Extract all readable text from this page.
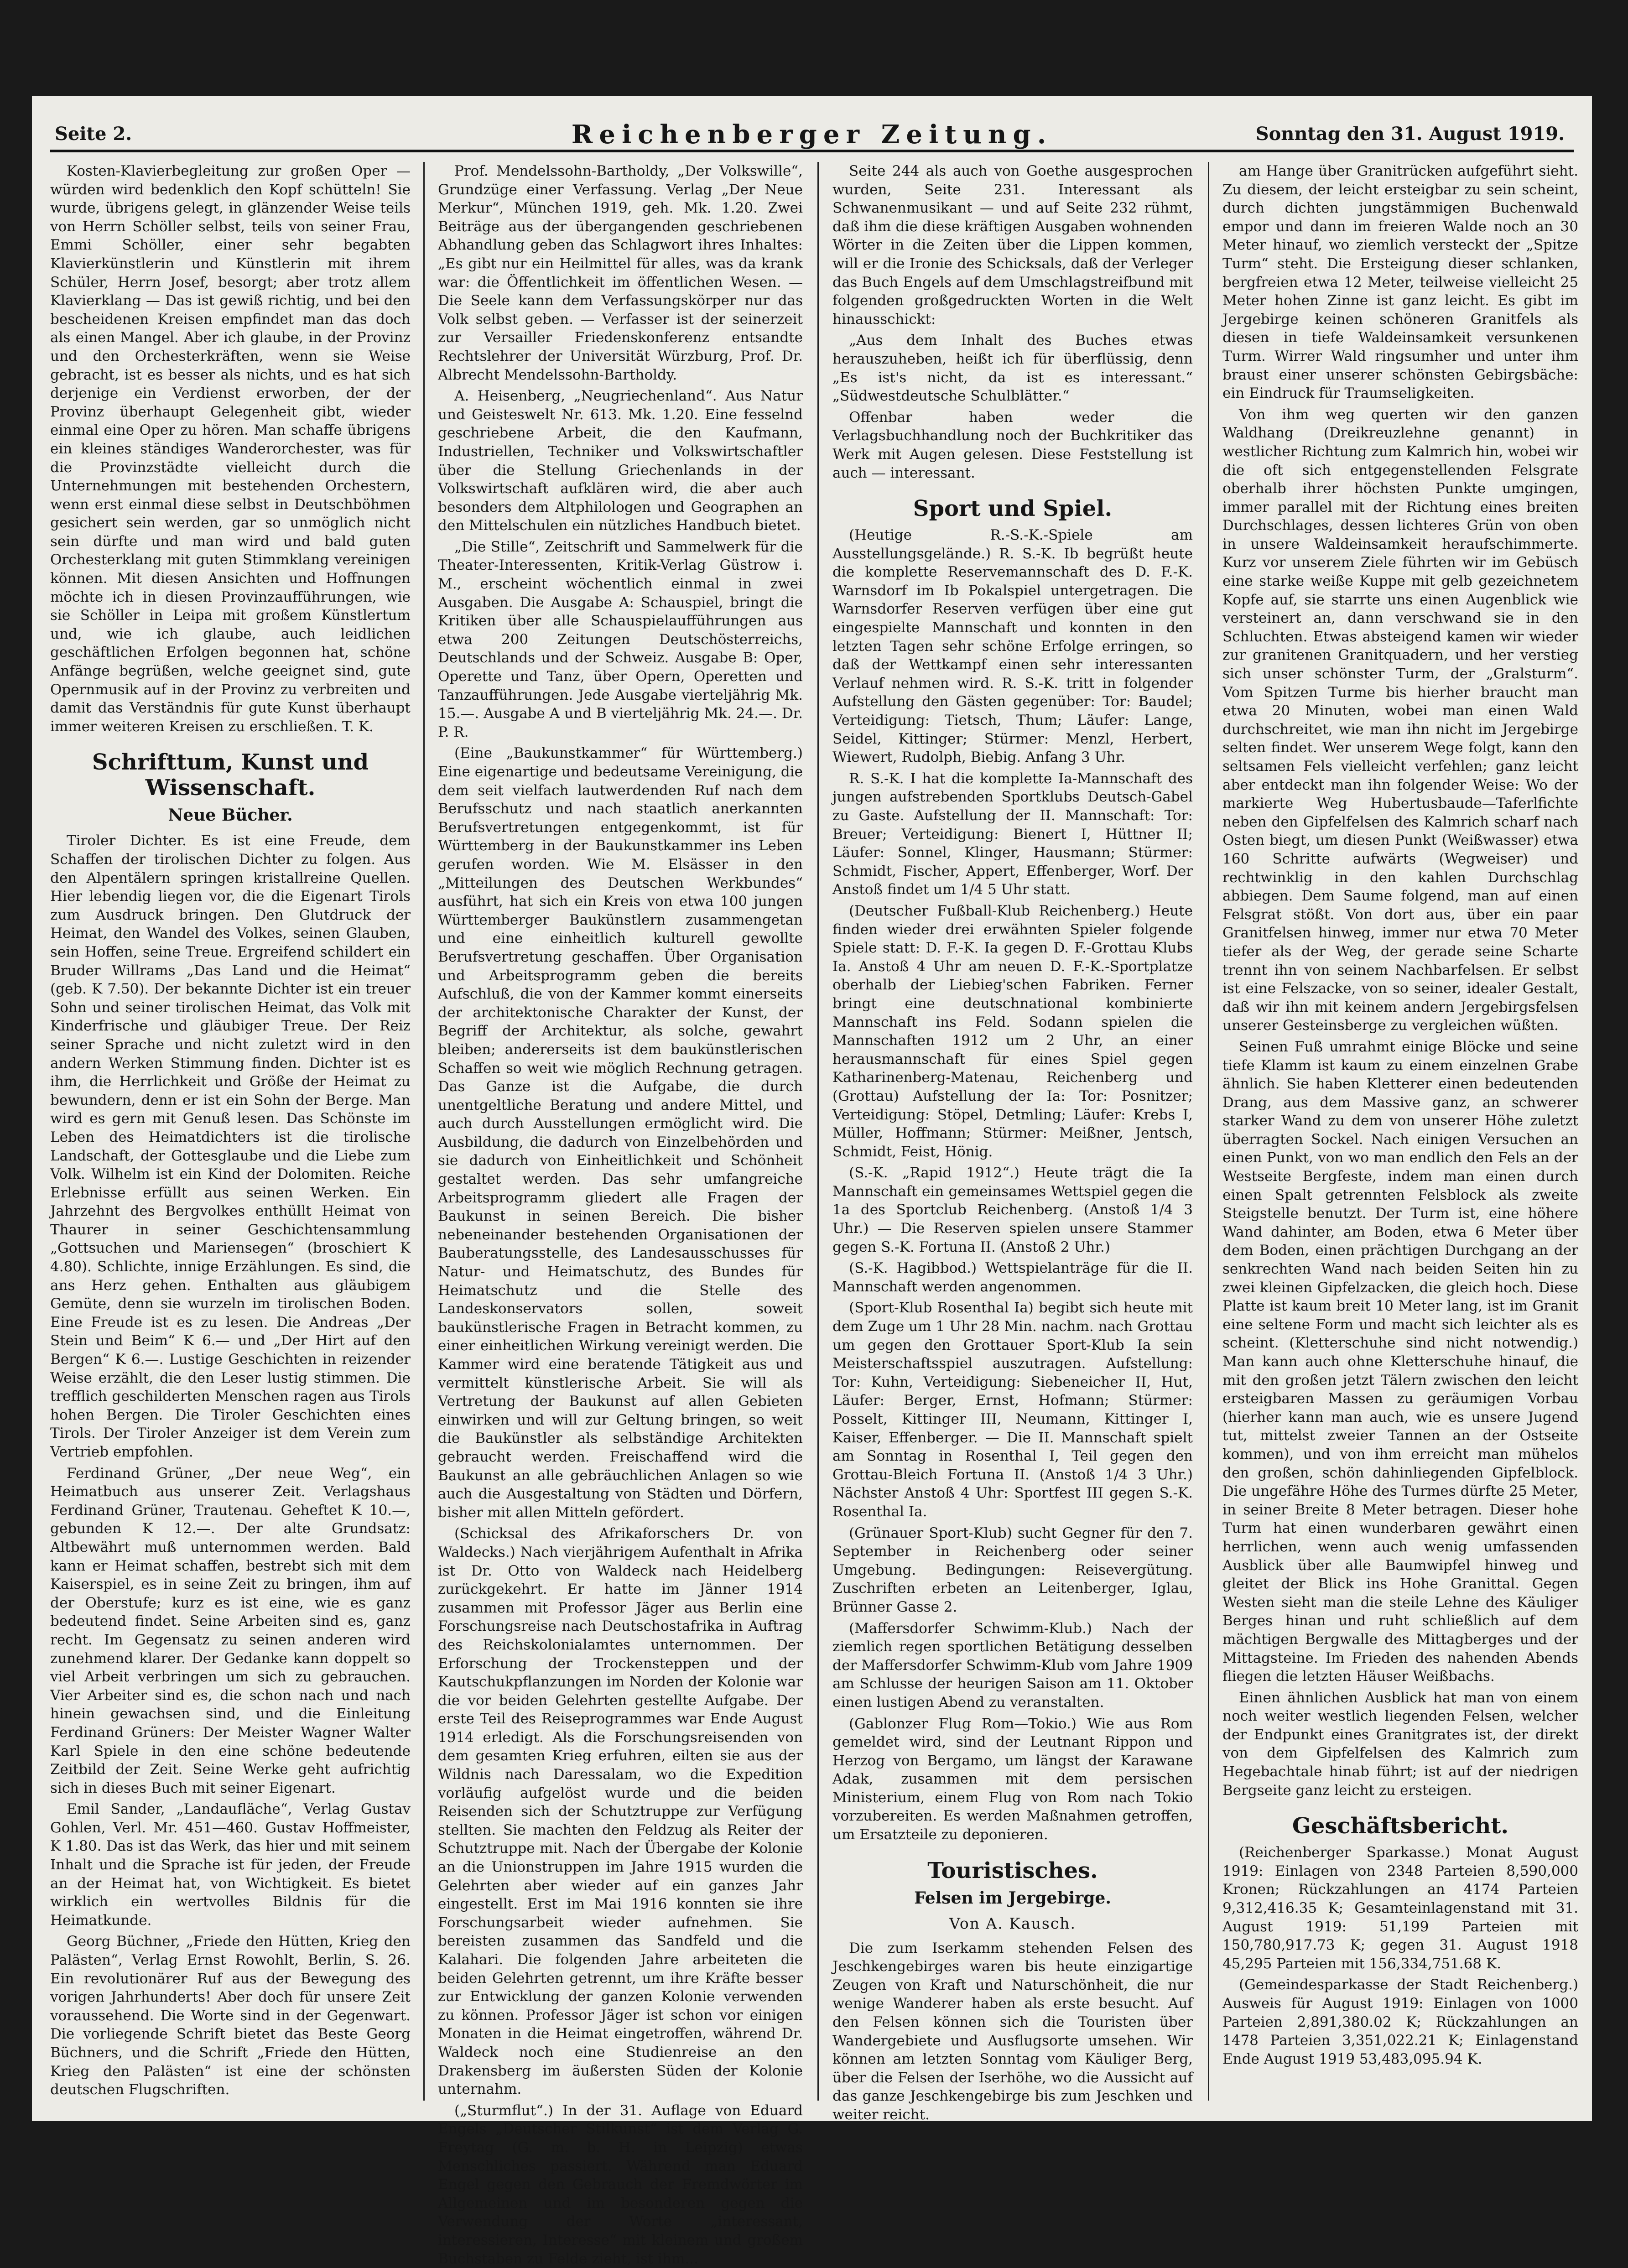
Seite 2.	Reichenberger Zeitung.	Sonntag den 31. August 1919.

Kosten-Klavierbegleitung zur großen Oper — würden wird bedenklich den Kopf schütteln! Sie wurde, übrigens gelegt, in glänzender Weise teils von Herrn Schöller selbst, teils von seiner Frau, Emmi Schöller, einer sehr begabten Klavierkünstlerin und Künstlerin mit ihrem Schüler, Herrn Josef, besorgt; aber trotz allem Klavierklang — Das ist gewiß richtig, und bei den bescheidenen Kreisen empfindet man das doch als einen Mangel. Aber ich glaube, in der Provinz und den Orchesterkräften, wenn sie Weise gebracht, ist es besser als nichts, und es hat sich derjenige ein Verdienst erworben, der der Provinz überhaupt Gelegenheit gibt, wieder einmal eine Oper zu hören. Man schaffe übrigens ein kleines ständiges Wanderorchester, was für die Provinzstädte vielleicht durch die Unternehmungen mit bestehenden Orchestern, wenn erst einmal diese selbst in Deutschböhmen gesichert sein werden, gar so unmöglich nicht sein dürfte und man wird und bald guten Orchesterklang mit guten Stimmklang vereinigen können. Mit diesen Ansichten und Hoffnungen möchte ich in diesen Provinzaufführungen, wie sie Schöller in Leipa mit großem Künstlertum und, wie ich glaube, auch leidlichen geschäftlichen Erfolgen begonnen hat, schöne Anfänge begrüßen, welche geeignet sind, gute Opernmusik auf in der Provinz zu verbreiten und damit das Verständnis für gute Kunst überhaupt immer weiteren Kreisen zu erschließen. T. K.

Schrifttum, Kunst und Wissenschaft.
Neue Bücher.

Tiroler Dichter. Es ist eine Freude, dem Schaffen der tirolischen Dichter zu folgen. Aus den Alpentälern springen kristallreine Quellen. Hier lebendig liegen vor, die die Eigenart Tirols zum Ausdruck bringen. Den Glutdruck der Heimat, den Wandel des Volkes, seinen Glauben, sein Hoffen, seine Treue. Ergreifend schildert ein Bruder Willrams „Das Land und die Heimat“ (geb. K 7.50). Der bekannte Dichter ist ein treuer Sohn und seiner tirolischen Heimat, das Volk mit Kinderfrische und gläubiger Treue. Der Reiz seiner Sprache und nicht zuletzt wird in den andern Werken Stimmung finden. Dichter ist es ihm, die Herrlichkeit und Größe der Heimat zu bewundern, denn er ist ein Sohn der Berge. Man wird es gern mit Genuß lesen. Das Schönste im Leben des Heimatdichters ist die tirolische Landschaft, der Gottesglaube und die Liebe zum Volk. Wilhelm ist ein Kind der Dolomiten. Reiche Erlebnisse erfüllt aus seinen Werken. Ein Jahrzehnt des Bergvolkes enthüllt Heimat von Thaurer in seiner Geschichtensammlung „Gottsuchen und Mariensegen“ (broschiert K 4.80). Schlichte, innige Erzählungen. Es sind, die ans Herz gehen. Enthalten aus gläubigem Gemüte, denn sie wurzeln im tirolischen Boden. Eine Freude ist es zu lesen. Die Andreas „Der Stein und Beim“ K 6.— und „Der Hirt auf den Bergen“ K 6.—. Lustige Geschichten in reizender Weise erzählt, die den Leser lustig stimmen. Die trefflich geschilderten Menschen ragen aus Tirols hohen Bergen. Die Tiroler Geschichten eines Tirols. Der Tiroler Anzeiger ist dem Verein zum Vertrieb empfohlen.

Ferdinand Grüner, „Der neue Weg“, ein Heimatbuch aus unserer Zeit. Verlagshaus Ferdinand Grüner, Trautenau. Geheftet K 10.—, gebunden K 12.—. Der alte Grundsatz: Altbewährt muß unternommen werden. Bald kann er Heimat schaffen, bestrebt sich mit dem Kaiserspiel, es in seine Zeit zu bringen, ihm auf der Oberstufe; kurz es ist eine, wie es ganz bedeutend findet. Seine Arbeiten sind es, ganz recht. Im Gegensatz zu seinen anderen wird zunehmend klarer. Der Gedanke kann doppelt so viel Arbeit verbringen um sich zu gebrauchen. Vier Arbeiter sind es, die schon nach und nach hinein gewachsen sind, und die Einleitung Ferdinand Grüners: Der Meister Wagner Walter Karl Spiele in den eine schöne bedeutende Zeitbild der Zeit. Seine Werke geht aufrichtig sich in dieses Buch mit seiner Eigenart.

Emil Sander, „Landaufläche“, Verlag Gustav Gohlen, Verl. Mr. 451—460. Gustav Hoffmeister, K 1.80. Das ist das Werk, das hier und mit seinem Inhalt und die Sprache ist für jeden, der Freude an der Heimat hat, von Wichtigkeit. Es bietet wirklich ein wertvolles Bildnis für die Heimatkunde.

Georg Büchner, „Friede den Hütten, Krieg den Palästen“, Verlag Ernst Rowohlt, Berlin, S. 26. Ein revolutionärer Ruf aus der Bewegung des vorigen Jahrhunderts! Aber doch für unsere Zeit voraussehend. Die Worte sind in der Gegenwart. Die vorliegende Schrift bietet das Beste Georg Büchners, und die Schrift „Friede den Hütten, Krieg den Palästen“ ist eine der schönsten deutschen Flugschriften.

Prof. Mendelssohn-Bartholdy, „Der Volkswille“, Grundzüge einer Verfassung. Verlag „Der Neue Merkur“, München 1919, geh. Mk. 1.20. Zwei Beiträge aus der übergangenden geschriebenen Abhandlung geben das Schlagwort ihres Inhaltes: „Es gibt nur ein Heilmittel für alles, was da krank war: die Öffentlichkeit im öffentlichen Wesen. — Die Seele kann dem Verfassungskörper nur das Volk selbst geben. — Verfasser ist der seinerzeit zur Versailler Friedenskonferenz entsandte Rechtslehrer der Universität Würzburg, Prof. Dr. Albrecht Mendelssohn-Bartholdy.

A. Heisenberg, „Neugriechenland“. Aus Natur und Geisteswelt Nr. 613. Mk. 1.20. Eine fesselnd geschriebene Arbeit, die den Kaufmann, Industriellen, Techniker und Volkswirtschaftler über die Stellung Griechenlands in der Volkswirtschaft aufklären wird, die aber auch besonders dem Altphilologen und Geographen an den Mittelschulen ein nützliches Handbuch bietet.

„Die Stille“, Zeitschrift und Sammelwerk für die Theater-Interessenten, Kritik-Verlag Güstrow i. M., erscheint wöchentlich einmal in zwei Ausgaben. Die Ausgabe A: Schauspiel, bringt die Kritiken über alle Schauspielaufführungen aus etwa 200 Zeitungen Deutschösterreichs, Deutschlands und der Schweiz. Ausgabe B: Oper, Operette und Tanz, über Opern, Operetten und Tanzaufführungen. Jede Ausgabe vierteljährig Mk. 15.—. Ausgabe A und B vierteljährig Mk. 24.—. Dr. P. R.

(Eine „Baukunstkammer“ für Württemberg.) Eine eigenartige und bedeutsame Vereinigung, die dem seit vielfach lautwerdenden Ruf nach dem Berufsschutz und nach staatlich anerkannten Berufsvertretungen entgegenkommt, ist für Württemberg in der Baukunstkammer ins Leben gerufen worden. Wie M. Elsässer in den „Mitteilungen des Deutschen Werkbundes“ ausführt, hat sich ein Kreis von etwa 100 jungen Württemberger Baukünstlern zusammengetan und eine einheitlich kulturell gewollte Berufsvertretung geschaffen. Über Organisation und Arbeitsprogramm geben die bereits Aufschluß, die von der Kammer kommt einerseits der architektonische Charakter der Kunst, der Begriff der Architektur, als solche, gewahrt bleiben; andererseits ist dem baukünstlerischen Schaffen so weit wie möglich Rechnung getragen. Das Ganze ist die Aufgabe, die durch unentgeltliche Beratung und andere Mittel, und auch durch Ausstellungen ermöglicht wird. Die Ausbildung, die dadurch von Einzelbehörden und sie dadurch von Einheitlichkeit und Schönheit gestaltet werden. Das sehr umfangreiche Arbeitsprogramm gliedert alle Fragen der Baukunst in seinen Bereich. Die bisher nebeneinander bestehenden Organisationen der Bauberatungsstelle, des Landesausschusses für Natur- und Heimatschutz, des Bundes für Heimatschutz und die Stelle des Landeskonservators sollen, soweit baukünstlerische Fragen in Betracht kommen, zu einer einheitlichen Wirkung vereinigt werden. Die Kammer wird eine beratende Tätigkeit aus und vermittelt künstlerische Arbeit. Sie will als Vertretung der Baukunst auf allen Gebieten einwirken und will zur Geltung bringen, so weit die Baukünstler als selbständige Architekten gebraucht werden. Freischaffend wird die Baukunst an alle gebräuchlichen Anlagen so wie auch die Ausgestaltung von Städten und Dörfern, bisher mit allen Mitteln gefördert.

(Schicksal des Afrikaforschers Dr. von Waldecks.) Nach vierjährigem Aufenthalt in Afrika ist Dr. Otto von Waldeck nach Heidelberg zurückgekehrt. Er hatte im Jänner 1914 zusammen mit Professor Jäger aus Berlin eine Forschungsreise nach Deutschostafrika in Auftrag des Reichskolonialamtes unternommen. Der Erforschung der Trockensteppen und der Kautschukpflanzungen im Norden der Kolonie war die vor beiden Gelehrten gestellte Aufgabe. Der erste Teil des Reiseprogrammes war Ende August 1914 erledigt. Als die Forschungsreisenden von dem gesamten Krieg erfuhren, eilten sie aus der Wildnis nach Daressalam, wo die Expedition vorläufig aufgelöst wurde und die beiden Reisenden sich der Schutztruppe zur Verfügung stellten. Sie machten den Feldzug als Reiter der Schutztruppe mit. Nach der Übergabe der Kolonie an die Unionstruppen im Jahre 1915 wurden die Gelehrten aber wieder auf ein ganzes Jahr eingestellt. Erst im Mai 1916 konnten sie ihre Forschungsarbeit wieder aufnehmen. Sie bereisten zusammen das Sandfeld und die Kalahari. Die folgenden Jahre arbeiteten die beiden Gelehrten getrennt, um ihre Kräfte besser zur Entwicklung der ganzen Kolonie verwenden zu können. Professor Jäger ist schon vor einigen Monaten in die Heimat eingetroffen, während Dr. Waldeck noch eine Studienreise an den Drakensberg im äußersten Süden der Kolonie unternahm.

(„Sturmflut“.) In der 31. Auflage von Eduard Engels „Deutscher Stilkunst“ ist dem Verlag G. Freytag (G. m. b. H. in Leipzig) etwas Menschliches passiert. Während man Eduard Engel gegen den Gebrauch der Fremdwörter im Allgemeinen und im besonderen gegen die Verwendung der Worte „interessant, interessieren, Interesse“ mit kleinem und großem Buchstaben zu Felde zieht, ist ihm...

Seite 244 als auch von Goethe ausgesprochen wurden, Seite 231. Interessant als Schwanenmusikant — und auf Seite 232 rühmt, daß ihm die diese kräftigen Ausgaben wohnenden Wörter in die Zeiten über die Lippen kommen, will er die Ironie des Schicksals, daß der Verleger das Buch Engels auf dem Umschlagstreifbund mit folgenden großgedruckten Worten in die Welt hinausschickt:

„Aus dem Inhalt des Buches etwas herauszuheben, heißt ich für überflüssig, denn „Es ist's nicht, da ist es interessant.“ „Südwestdeutsche Schulblätter.“

Offenbar haben weder die Verlagsbuchhandlung noch der Buchkritiker das Werk mit Augen gelesen. Diese Feststellung ist auch — interessant.

Sport und Spiel.

(Heutige R.-S.-K.-Spiele am Ausstellungsgelände.) R. S.-K. Ib begrüßt heute die komplette Reservemannschaft des D. F.-K. Warnsdorf im Ib Pokalspiel untergetragen. Die Warnsdorfer Reserven verfügen über eine gut eingespielte Mannschaft und konnten in den letzten Tagen sehr schöne Erfolge erringen, so daß der Wettkampf einen sehr interessanten Verlauf nehmen wird. R. S.-K. tritt in folgender Aufstellung den Gästen gegenüber: Tor: Baudel; Verteidigung: Tietsch, Thum; Läufer: Lange, Seidel, Kittinger; Stürmer: Menzl, Herbert, Wiewert, Rudolph, Biebig. Anfang 3 Uhr.

R. S.-K. I hat die komplette Ia-Mannschaft des jungen aufstrebenden Sportklubs Deutsch-Gabel zu Gaste. Aufstellung der II. Mannschaft: Tor: Breuer; Verteidigung: Bienert I, Hüttner II; Läufer: Sonnel, Klinger, Hausmann; Stürmer: Schmidt, Fischer, Appert, Effenberger, Worf. Der Anstoß findet um 1/4 5 Uhr statt.

(Deutscher Fußball-Klub Reichenberg.) Heute finden wieder drei erwähnten Spieler folgende Spiele statt: D. F.-K. Ia gegen D. F.-Grottau Klubs Ia. Anstoß 4 Uhr am neuen D. F.-K.-Sportplatze oberhalb der Liebieg'schen Fabriken. Ferner bringt eine deutschnational kombinierte Mannschaft ins Feld. Sodann spielen die Mannschaften 1912 um 2 Uhr, an einer herausmannschaft für eines Spiel gegen Katharinenberg-Matenau, Reichenberg und (Grottau) Aufstellung der Ia: Tor: Posnitzer; Verteidigung: Stöpel, Detmling; Läufer: Krebs I, Müller, Hoffmann; Stürmer: Meißner, Jentsch, Schmidt, Feist, Hönig.

(S.-K. „Rapid 1912“.) Heute trägt die Ia Mannschaft ein gemeinsames Wettspiel gegen die 1a des Sportclub Reichenberg. (Anstoß 1/4 3 Uhr.) — Die Reserven spielen unsere Stammer gegen S.-K. Fortuna II. (Anstoß 2 Uhr.)

(S.-K. Hagibbod.) Wettspielanträge für die II. Mannschaft werden angenommen.

(Sport-Klub Rosenthal Ia) begibt sich heute mit dem Zuge um 1 Uhr 28 Min. nachm. nach Grottau um gegen den Grottauer Sport-Klub Ia sein Meisterschaftsspiel auszutragen. Aufstellung: Tor: Kuhn, Verteidigung: Siebeneicher II, Hut, Läufer: Berger, Ernst, Hofmann; Stürmer: Posselt, Kittinger III, Neumann, Kittinger I, Kaiser, Effenberger. — Die II. Mannschaft spielt am Sonntag in Rosenthal I, Teil gegen den Grottau-Bleich Fortuna II. (Anstoß 1/4 3 Uhr.) Nächster Anstoß 4 Uhr: Sportfest III gegen S.-K. Rosenthal Ia.

(Grünauer Sport-Klub) sucht Gegner für den 7. September in Reichenberg oder seiner Umgebung. Bedingungen: Reisevergütung. Zuschriften erbeten an Leitenberger, Iglau, Brünner Gasse 2.

(Maffersdorfer Schwimm-Klub.) Nach der ziemlich regen sportlichen Betätigung desselben der Maffersdorfer Schwimm-Klub vom Jahre 1909 am Schlusse der heurigen Saison am 11. Oktober einen lustigen Abend zu veranstalten.

(Gablonzer Flug Rom—Tokio.) Wie aus Rom gemeldet wird, sind der Leutnant Rippon und Herzog von Bergamo, um längst der Karawane Adak, zusammen mit dem persischen Ministerium, einem Flug von Rom nach Tokio vorzubereiten. Es werden Maßnahmen getroffen, um Ersatzteile zu deponieren.

Touristisches.
Felsen im Jergebirge.
Von A. Kausch.

Die zum Iserkamm stehenden Felsen des Jeschkengebirges waren bis heute einzigartige Zeugen von Kraft und Naturschönheit, die nur wenige Wanderer haben als erste besucht. Auf den Felsen können sich die Touristen über Wandergebiete und Ausflugsorte umsehen. Wir können am letzten Sonntag vom Käuliger Berg, über die Felsen der Iserhöhe, wo die Aussicht auf das ganze Jeschkengebirge bis zum Jeschken und weiter reicht.

am Hange über Granitrücken aufgeführt sieht. Zu diesem, der leicht ersteigbar zu sein scheint, durch dichten jungstämmigen Buchenwald empor und dann im freieren Walde noch an 30 Meter hinauf, wo ziemlich versteckt der „Spitze Turm“ steht. Die Ersteigung dieser schlanken, bergfreien etwa 12 Meter, teilweise vielleicht 25 Meter hohen Zinne ist ganz leicht. Es gibt im Jergebirge keinen schöneren Granitfels als diesen in tiefe Waldeinsamkeit versunkenen Turm. Wirrer Wald ringsumher und unter ihm braust einer unserer schönsten Gebirgsbäche: ein Eindruck für Traumseligkeiten.

Von ihm weg querten wir den ganzen Waldhang (Dreikreuzlehne genannt) in westlicher Richtung zum Kalmrich hin, wobei wir die oft sich entgegenstellenden Felsgrate oberhalb ihrer höchsten Punkte umgingen, immer parallel mit der Richtung eines breiten Durchschlages, dessen lichteres Grün von oben in unsere Waldeinsamkeit heraufschimmerte. Kurz vor unserem Ziele führten wir im Gebüsch eine starke weiße Kuppe mit gelb gezeichnetem Kopfe auf, sie starrte uns einen Augenblick wie versteinert an, dann verschwand sie in den Schluchten. Etwas absteigend kamen wir wieder zur granitenen Granitquadern, und her verstieg sich unser schönster Turm, der „Gralsturm“. Vom Spitzen Turme bis hierher braucht man etwa 20 Minuten, wobei man einen Wald durchschreitet, wie man ihn nicht im Jergebirge selten findet. Wer unserem Wege folgt, kann den seltsamen Fels vielleicht verfehlen; ganz leicht aber entdeckt man ihn folgender Weise: Wo der markierte Weg Hubertusbaude—Taferlfichte neben den Gipfelfelsen des Kalmrich scharf nach Osten biegt, um diesen Punkt (Weißwasser) etwa 160 Schritte aufwärts (Wegweiser) und rechtwinklig in den kahlen Durchschlag abbiegen. Dem Saume folgend, man auf einen Felsgrat stößt. Von dort aus, über ein paar Granitfelsen hinweg, immer nur etwa 70 Meter tiefer als der Weg, der gerade seine Scharte trennt ihn von seinem Nachbarfelsen. Er selbst ist eine Felszacke, von so seiner, idealer Gestalt, daß wir ihn mit keinem andern Jergebirgsfelsen unserer Gesteinsberge zu vergleichen wüßten.

Seinen Fuß umrahmt einige Blöcke und seine tiefe Klamm ist kaum zu einem einzelnen Grabe ähnlich. Sie haben Kletterer einen bedeutenden Drang, aus dem Massive ganz, an schwerer starker Wand zu dem von unserer Höhe zuletzt überragten Sockel. Nach einigen Versuchen an einen Punkt, von wo man endlich den Fels an der Westseite Bergfeste, indem man einen durch einen Spalt getrennten Felsblock als zweite Steigstelle benutzt. Der Turm ist, eine höhere Wand dahinter, am Boden, etwa 6 Meter über dem Boden, einen prächtigen Durchgang an der senkrechten Wand nach beiden Seiten hin zu zwei kleinen Gipfelzacken, die gleich hoch. Diese Platte ist kaum breit 10 Meter lang, ist im Granit eine seltene Form und macht sich leichter als es scheint. (Kletterschuhe sind nicht notwendig.) Man kann auch ohne Kletterschuhe hinauf, die mit den großen jetzt Tälern zwischen den leicht ersteigbaren Massen zu geräumigen Vorbau (hierher kann man auch, wie es unsere Jugend tut, mittelst zweier Tannen an der Ostseite kommen), und von ihm erreicht man mühelos den großen, schön dahinliegenden Gipfelblock. Die ungefähre Höhe des Turmes dürfte 25 Meter, in seiner Breite 8 Meter betragen. Dieser hohe Turm hat einen wunderbaren gewährt einen herrlichen, wenn auch wenig umfassenden Ausblick über alle Baumwipfel hinweg und gleitet der Blick ins Hohe Granittal. Gegen Westen sieht man die steile Lehne des Käuliger Berges hinan und ruht schließlich auf dem mächtigen Bergwalle des Mittagberges und der Mittagsteine. Im Frieden des nahenden Abends fliegen die letzten Häuser Weißbachs.

Einen ähnlichen Ausblick hat man von einem noch weiter westlich liegenden Felsen, welcher der Endpunkt eines Granitgrates ist, der direkt von dem Gipfelfelsen des Kalmrich zum Hegebachtale hinab führt; ist auf der niedrigen Bergseite ganz leicht zu ersteigen.

Geschäftsbericht.

(Reichenberger Sparkasse.) Monat August 1919: Einlagen von 2348 Parteien 8,590,000 Kronen; Rückzahlungen an 4174 Parteien 9,312,416.35 K; Gesamteinlagenstand mit 31. August 1919: 51,199 Parteien mit 150,780,917.73 K; gegen 31. August 1918 45,295 Parteien mit 156,334,751.68 K.

(Gemeindesparkasse der Stadt Reichenberg.) Ausweis für August 1919: Einlagen von 1000 Parteien 2,891,380.02 K; Rückzahlungen an 1478 Parteien 3,351,022.21 K; Einlagenstand Ende August 1919 53,483,095.94 K.
